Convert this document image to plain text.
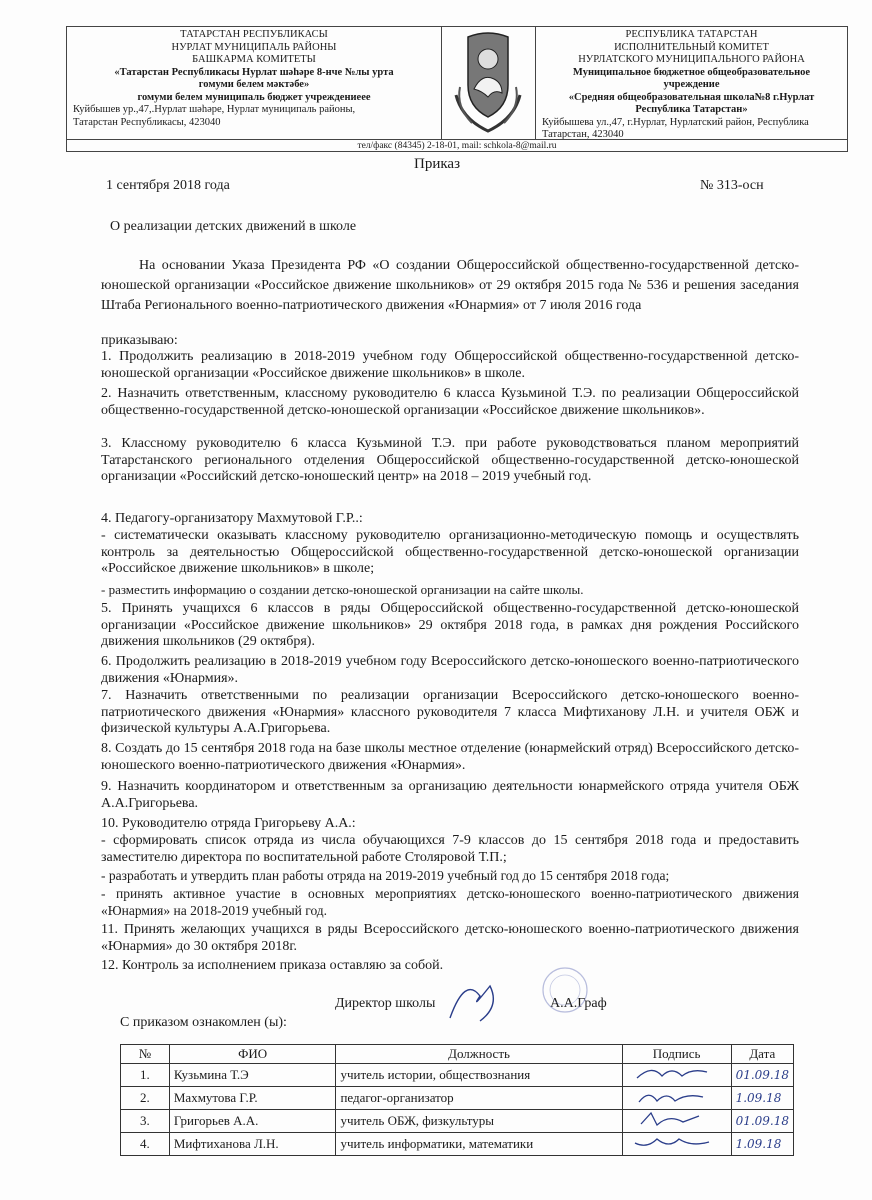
ТАТАРСТАН РЕСПУБЛИКАСЫ
НУРЛАТ МУНИЦИПАЛЬ РАЙОНЫ
БАШКАРМА КОМИТЕТЫ
«Татарстан Республикасы Нурлат шәһәре 8-нче №лы урта
гомуми белем мәктәбе»
гомуми белем муниципаль бюджет учреждениеее
Куйбышев ур.,47,.Нурлат шәһәре, Нурлат муниципаль районы,
Татарстан Республикасы, 423040
РЕСПУБЛИКА ТАТАРСТАН
ИСПОЛНИТЕЛЬНЫЙ КОМИТЕТ
НУРЛАТСКОГО МУНИЦИПАЛЬНОГО РАЙОНА
Муниципальное бюджетное общеобразовательное
учреждение
«Средняя общеобразовательная школа№8 г.Нурлат
Республика Татарстан»
Куйбышева ул.,47, г.Нурлат, Нурлатский район, Республика
Татарстан, 423040
тел/факс (84345) 2-18-01, mail: schkola-8@mail.ru
Приказ
1 сентября 2018 года	№ 313-осн
О реализации детских движений в школе
На основании Указа Президента РФ «О создании Общероссийской общественно-государственной детско-юношеской организации «Российское движение школьников» от 29 октября 2015 года № 536 и решения заседания Штаба Регионального военно-патриотического движения «Юнармия» от 7 июля 2016 года
приказываю:
1. Продолжить реализацию в 2018-2019 учебном году Общероссийской общественно-государственной детско-юношеской организации «Российское движение школьников» в школе.
2. Назначить ответственным, классному руководителю 6 класса Кузьминой Т.Э. по реализации Общероссийской общественно-государственной детско-юношеской организации «Российское движение школьников».
3. Классному руководителю 6 класса Кузьминой Т.Э. при работе руководствоваться планом мероприятий Татарстанского регионального отделения Общероссийской общественно-государственной детско-юношеской организации «Российский детско-юношеский центр» на 2018 – 2019 учебный год.
4. Педагогу-организатору Махмутовой Г.Р..:
- систематически оказывать классному руководителю организационно-методическую помощь и осуществлять контроль за деятельностью Общероссийской общественно-государственной детско-юношеской организации «Российское движение школьников» в школе;
- разместить информацию о создании детско-юношеской организации на сайте школы.
5. Принять учащихся 6 классов в ряды Общероссийской общественно-государственной детско-юношеской организации «Российское движение школьников» 29 октября 2018 года, в рамках дня рождения Российского движения школьников (29 октября).
6. Продолжить реализацию в 2018-2019 учебном году Всероссийского детско-юношеского военно-патриотического движения «Юнармия».
7. Назначить ответственными по реализации организации Всероссийского детско-юношеского военно-патриотического движения «Юнармия» классного руководителя 7 класса Мифтиханову Л.Н. и учителя ОБЖ и физической культуры А.А.Григорьева.
8. Создать до 15 сентября 2018 года на базе школы местное отделение (юнармейский отряд) Всероссийского детско-юношеского военно-патриотического движения «Юнармия».
9. Назначить координатором и ответственным за организацию деятельности юнармейского отряда учителя ОБЖ А.А.Григорьева.
10. Руководителю отряда Григорьеву А.А.:
- сформировать список отряда из числа обучающихся 7-9 классов до 15 сентября 2018 года и предоставить заместителю директора по воспитательной работе Столяровой Т.П.;
- разработать и утвердить план работы отряда на 2019-2019 учебный год до 15 сентября 2018 года;
- принять активное участие в основных мероприятиях детско-юношеского военно-патриотического движения «Юнармия» на 2018-2019 учебный год.
11. Принять желающих учащихся в ряды Всероссийского детско-юношеского военно-патриотического движения «Юнармия» до 30 октября 2018г.
12. Контроль за исполнением приказа оставляю за собой.
Директор школы	А.А.Граф
С приказом ознакомлен (ы):
№	ФИО	Должность	Подпись	Дата
1.	Кузьмина Т.Э	учитель истории, обществознания		01.09.18
2.	Махмутова Г.Р.	педагог-организатор		1.09.18
3.	Григорьев А.А.	учитель ОБЖ, физкультуры		01.09.18
4.	Мифтиханова Л.Н.	учитель информатики, математики		1.09.18
